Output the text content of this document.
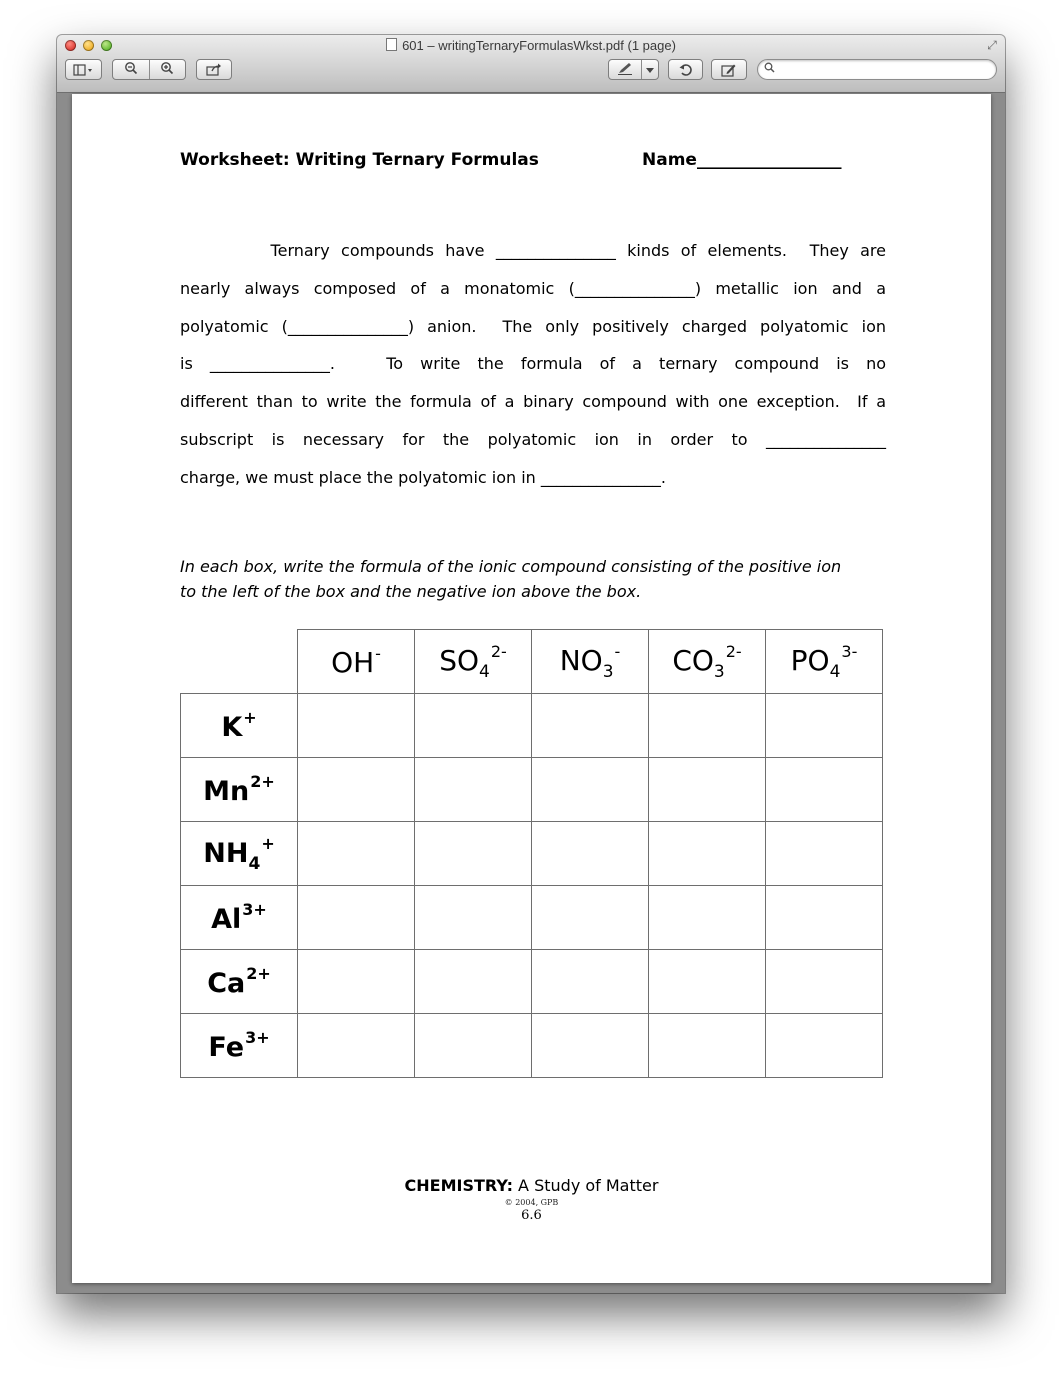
601 – writingTernaryFormulasWkst.pdf (1 page)	⤢
Worksheet: Writing Ternary Formulas	Name_________________
Ternary compounds have _______________ kinds of elements.  They are
nearly always composed of a monatomic (_______________) metallic ion and a
polyatomic (_______________) anion.  The only positively charged polyatomic ion
is _______________.   To write the formula of a ternary compound is no
different than to write the formula of a binary compound with one exception.  If a
subscript is necessary for the polyatomic ion in order to _______________
charge, we must place the polyatomic ion in _______________.
In each box, write the formula of the ionic compound consisting of the positive ion
to the left of the box and the negative ion above the box.
	OH-	$SO_4^{2-}$	$NO_3^-$	$CO_3^{2-}$	$PO_4^{3-}$
K+					
$Mn^{2+}$					
$NH_4^+$					
$Al^{3+}$					
$Ca^{2+}$					
$Fe^{3+}$					
CHEMISTRY: A Study of Matter
© 2004, GPB
6.6
